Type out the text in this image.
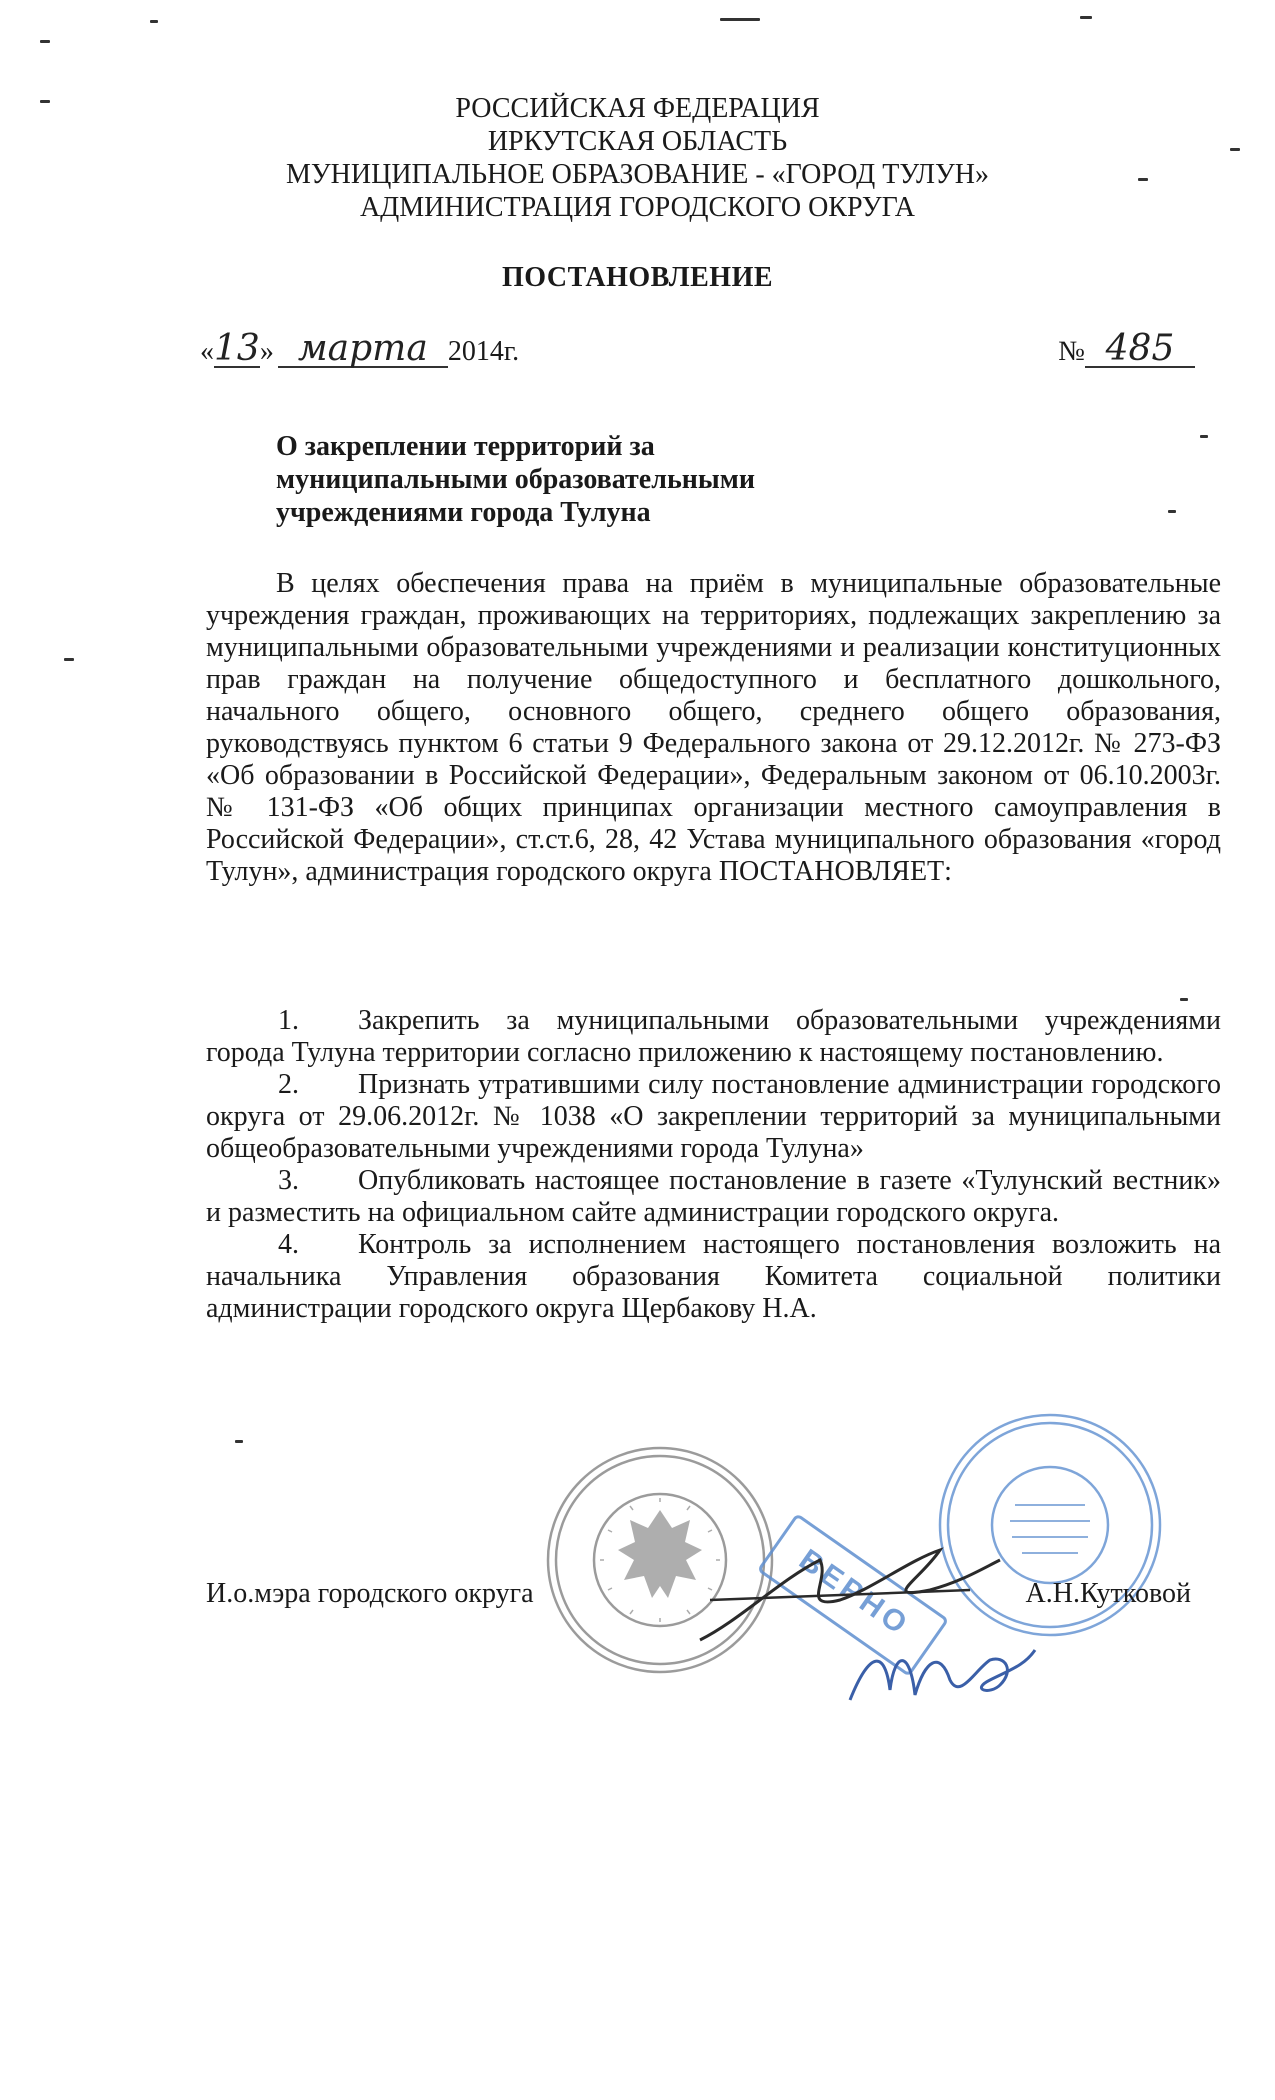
РОССИЙСКАЯ ФЕДЕРАЦИЯ
ИРКУТСКАЯ ОБЛАСТЬ
МУНИЦИПАЛЬНОЕ ОБРАЗОВАНИЕ - «ГОРОД ТУЛУН»
АДМИНИСТРАЦИЯ ГОРОДСКОГО ОКРУГА
ПОСТАНОВЛЕНИЕ
«13» марта 2014г.	№ 485
О закреплении территорий за
муниципальными образовательными
учреждениями города Тулуна
В целях обеспечения права на приём в муниципальные образовательные учреждения граждан, проживающих на территориях, подлежащих закреплению за муниципальными образовательными учреждениями и реализации конституционных прав граждан на получение общедоступного и бесплатного дошкольного, начального общего, основного общего, среднего общего образования, руководствуясь пунктом 6 статьи 9 Федерального закона от 29.12.2012г. № 273-ФЗ «Об образовании в Российской Федерации», Федеральным законом от 06.10.2003г. № 131-ФЗ «Об общих принципах организации местного самоуправления в Российской Федерации», ст.ст.6, 28, 42 Устава муниципального образования «город Тулун», администрация городского округа ПОСТАНОВЛЯЕТ:
1. Закрепить за муниципальными образовательными учреждениями города Тулуна территории согласно приложению к настоящему постановлению.
2. Признать утратившими силу постановление администрации городского округа от 29.06.2012г. № 1038 «О закреплении территорий за муниципальными общеобразовательными учреждениями города Тулуна»
3. Опубликовать настоящее постановление в газете «Тулунский вестник» и разместить на официальном сайте администрации городского округа.
4. Контроль за исполнением настоящего постановления возложить на начальника Управления образования Комитета социальной политики администрации городского округа Щербакову Н.А.
ВЕРНО
И.о.мэра городского округа	А.Н.Кутковой
